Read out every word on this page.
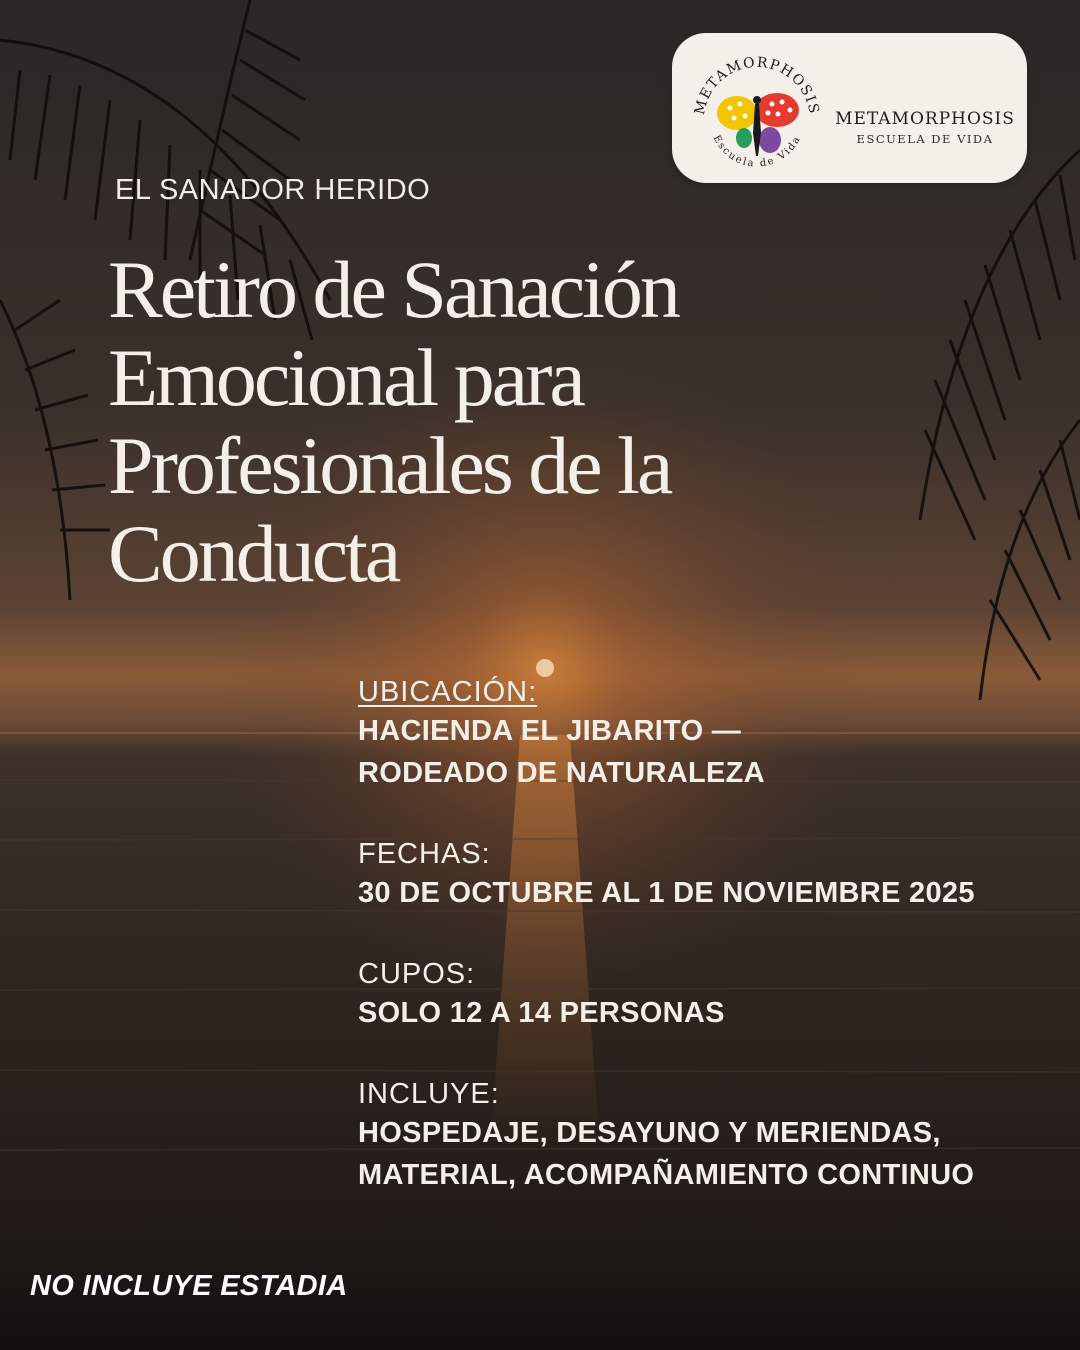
METAMORPHOSIS
Escuela de Vida
METAMORPHOSIS
ESCUELA DE VIDA
EL SANADOR HERIDO
Retiro de Sanación
Emocional para
Profesionales de la
Conducta
UBICACIÓN:
HACIENDA EL JIBARITO —
RODEADO DE NATURALEZA
FECHAS:
30 DE OCTUBRE AL 1 DE NOVIEMBRE 2025
CUPOS:
SOLO 12 A 14 PERSONAS
INCLUYE:
HOSPEDAJE, DESAYUNO Y MERIENDAS,
MATERIAL, ACOMPAÑAMIENTO CONTINUO
NO INCLUYE ESTADIA
